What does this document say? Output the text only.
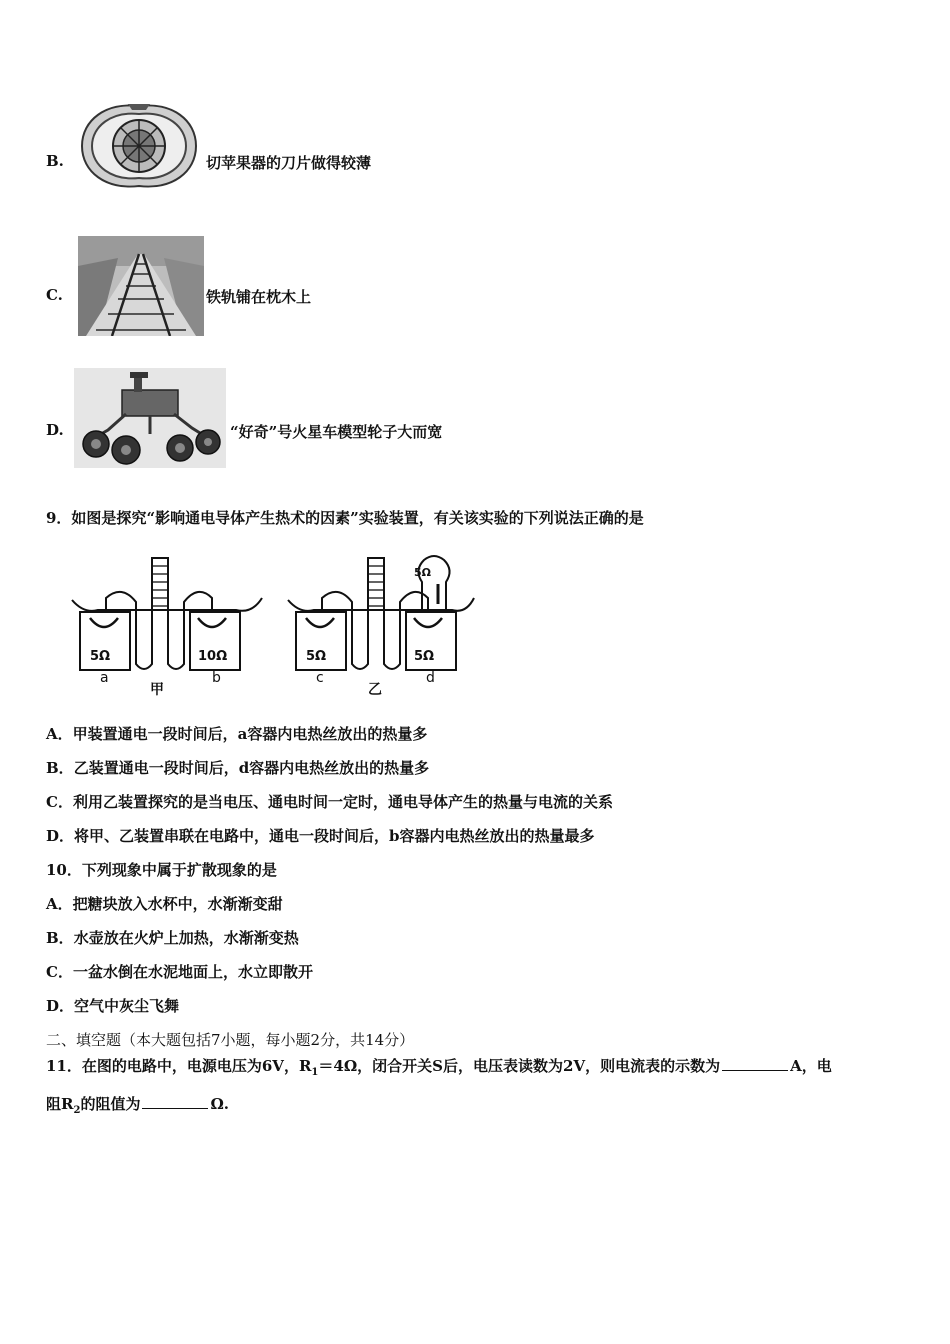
B.	切苹果器的刀片做得较薄
C.	铁轨铺在枕木上
D.	“好奇”号火星车模型轮子大而宽
9．如图是探究“影响通电导体产生热术的因素”实验装置，有关该实验的下列说法正确的是
5Ω	10Ω
a	b
甲
5Ω
5Ω	5Ω
c	d
乙
A．甲装置通电一段时间后，a容器内电热丝放出的热量多
B．乙装置通电一段时间后，d容器内电热丝放出的热量多
C．利用乙装置探究的是当电压、通电时间一定时，通电导体产生的热量与电流的关系
D．将甲、乙装置串联在电路中，通电一段时间后，b容器内电热丝放出的热量最多
10．下列现象中属于扩散现象的是
A．把糖块放入水杯中，水渐渐变甜
B．水壶放在火炉上加热，水渐渐变热
C．一盆水倒在水泥地面上，水立即散开
D．空气中灰尘飞舞
二、填空题（本大题包括7小题，每小题2分，共14分）
11．在图的电路中，电源电压为6V，$R_1=4\Omega$，闭合开关S后，电压表读数为2V，则电流表的示数为	A，电
阻$R_2$的阻值为	Ω.
